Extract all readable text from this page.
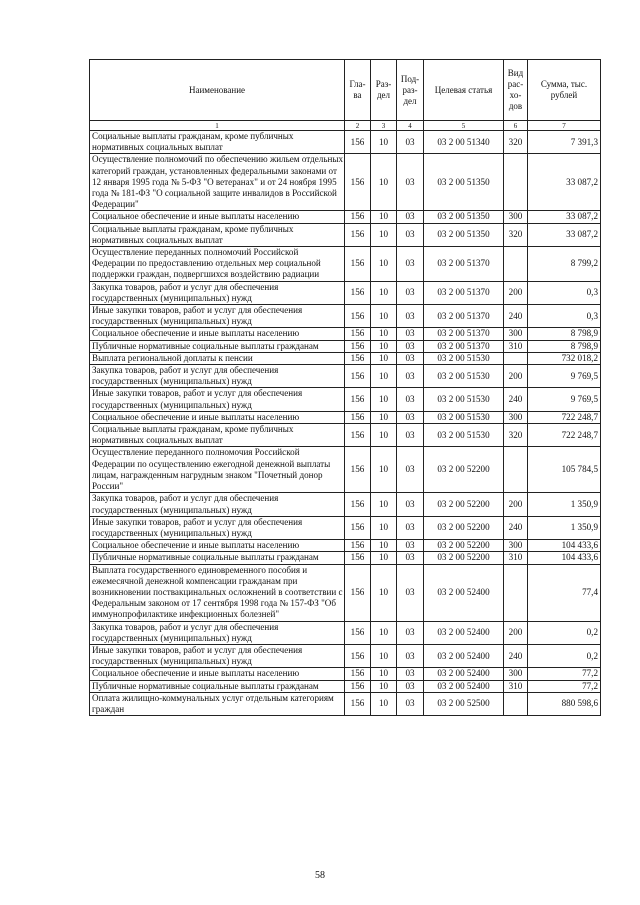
Наименование	Гла-ва	Раз-дел	Под-раз-дел	Целевая статья	Вид рас-хо-дов	Сумма, тыс. рублей
1	2	3	4	5	6	7
Социальные выплаты гражданам, кроме публичных нормативных социальных выплат	156	10	03	03 2 00 51340	320	7 391,3
Осуществление полномочий по обеспечению жильем отдельных категорий граждан, установленных федеральными законами от 12 января 1995 года № 5-ФЗ "О ветеранах" и от 24 ноября 1995 года № 181-ФЗ "О социальной защите инвалидов в Российской Федерации"	156	10	03	03 2 00 51350		33 087,2
Социальное обеспечение и иные выплаты населению	156	10	03	03 2 00 51350	300	33 087,2
Социальные выплаты гражданам, кроме публичных нормативных социальных выплат	156	10	03	03 2 00 51350	320	33 087,2
Осуществление переданных полномочий Российской Федерации по предоставлению отдельных мер социальной поддержки граждан, подвергшихся воздействию радиации	156	10	03	03 2 00 51370		8 799,2
Закупка товаров, работ и услуг для обеспечения государственных (муниципальных) нужд	156	10	03	03 2 00 51370	200	0,3
Иные закупки товаров, работ и услуг для обеспечения государственных (муниципальных) нужд	156	10	03	03 2 00 51370	240	0,3
Социальное обеспечение и иные выплаты населению	156	10	03	03 2 00 51370	300	8 798,9
Публичные нормативные социальные выплаты гражданам	156	10	03	03 2 00 51370	310	8 798,9
Выплата региональной доплаты к пенсии	156	10	03	03 2 00 51530		732 018,2
Закупка товаров, работ и услуг для обеспечения государственных (муниципальных) нужд	156	10	03	03 2 00 51530	200	9 769,5
Иные закупки товаров, работ и услуг для обеспечения государственных (муниципальных) нужд	156	10	03	03 2 00 51530	240	9 769,5
Социальное обеспечение и иные выплаты населению	156	10	03	03 2 00 51530	300	722 248,7
Социальные выплаты гражданам, кроме публичных нормативных социальных выплат	156	10	03	03 2 00 51530	320	722 248,7
Осуществление переданного полномочия Российской Федерации по осуществлению ежегодной денежной выплаты лицам, награжденным нагрудным знаком "Почетный донор России"	156	10	03	03 2 00 52200		105 784,5
Закупка товаров, работ и услуг для обеспечения государственных (муниципальных) нужд	156	10	03	03 2 00 52200	200	1 350,9
Иные закупки товаров, работ и услуг для обеспечения государственных (муниципальных) нужд	156	10	03	03 2 00 52200	240	1 350,9
Социальное обеспечение и иные выплаты населению	156	10	03	03 2 00 52200	300	104 433,6
Публичные нормативные социальные выплаты гражданам	156	10	03	03 2 00 52200	310	104 433,6
Выплата государственного единовременного пособия и ежемесячной денежной компенсации гражданам при возникновении поствакцинальных осложнений в соответствии с Федеральным законом от 17 сентября 1998 года № 157-ФЗ "Об иммунопрофилактике инфекционных болезней"	156	10	03	03 2 00 52400		77,4
Закупка товаров, работ и услуг для обеспечения государственных (муниципальных) нужд	156	10	03	03 2 00 52400	200	0,2
Иные закупки товаров, работ и услуг для обеспечения государственных (муниципальных) нужд	156	10	03	03 2 00 52400	240	0,2
Социальное обеспечение и иные выплаты населению	156	10	03	03 2 00 52400	300	77,2
Публичные нормативные социальные выплаты гражданам	156	10	03	03 2 00 52400	310	77,2
Оплата жилищно-коммунальных услуг отдельным категориям граждан	156	10	03	03 2 00 52500		880 598,6
58
